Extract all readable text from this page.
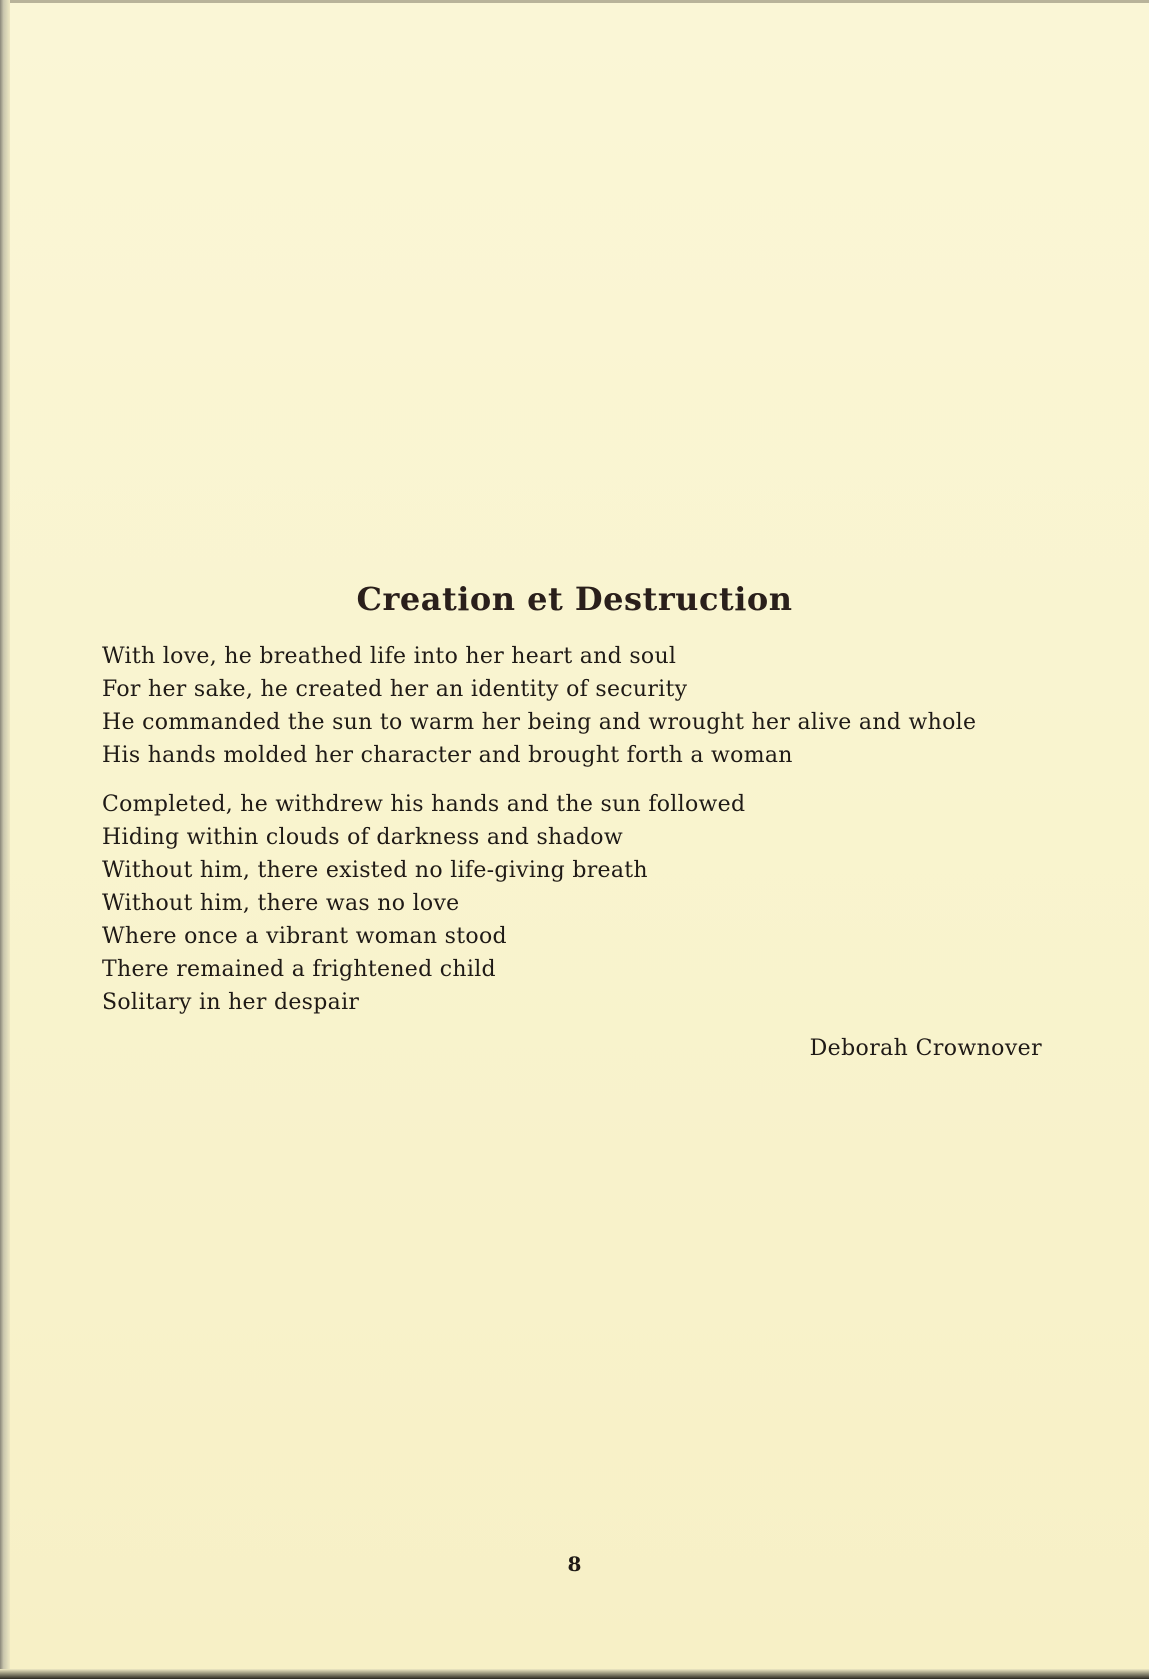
Creation et Destruction
With love, he breathed life into her heart and soul
For her sake, he created her an identity of security
He commanded the sun to warm her being and wrought her alive and whole
His hands molded her character and brought forth a woman
Completed, he withdrew his hands and the sun followed
Hiding within clouds of darkness and shadow
Without him, there existed no life-giving breath
Without him, there was no love
Where once a vibrant woman stood
There remained a frightened child
Solitary in her despair

Deborah Crownover

8
